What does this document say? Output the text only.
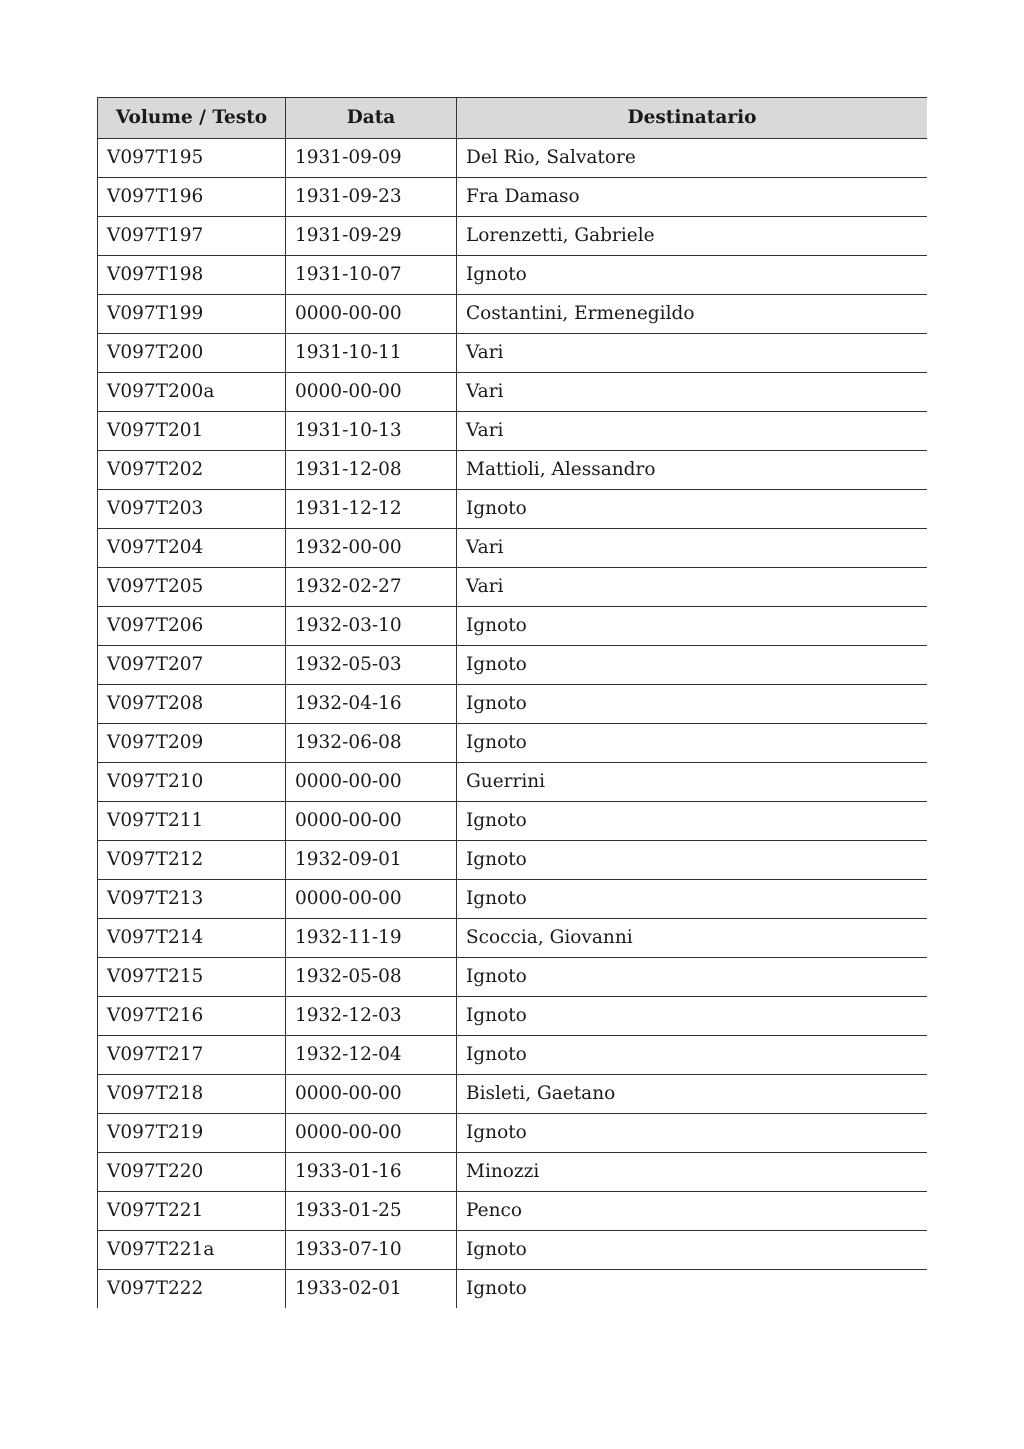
Volume / Testo	Data	Destinatario
V097T195	1931-09-09	Del Rio, Salvatore
V097T196	1931-09-23	Fra Damaso
V097T197	1931-09-29	Lorenzetti, Gabriele
V097T198	1931-10-07	Ignoto
V097T199	0000-00-00	Costantini, Ermenegildo
V097T200	1931-10-11	Vari
V097T200a	0000-00-00	Vari
V097T201	1931-10-13	Vari
V097T202	1931-12-08	Mattioli, Alessandro
V097T203	1931-12-12	Ignoto
V097T204	1932-00-00	Vari
V097T205	1932-02-27	Vari
V097T206	1932-03-10	Ignoto
V097T207	1932-05-03	Ignoto
V097T208	1932-04-16	Ignoto
V097T209	1932-06-08	Ignoto
V097T210	0000-00-00	Guerrini
V097T211	0000-00-00	Ignoto
V097T212	1932-09-01	Ignoto
V097T213	0000-00-00	Ignoto
V097T214	1932-11-19	Scoccia, Giovanni
V097T215	1932-05-08	Ignoto
V097T216	1932-12-03	Ignoto
V097T217	1932-12-04	Ignoto
V097T218	0000-00-00	Bisleti, Gaetano
V097T219	0000-00-00	Ignoto
V097T220	1933-01-16	Minozzi
V097T221	1933-01-25	Penco
V097T221a	1933-07-10	Ignoto
V097T222	1933-02-01	Ignoto
